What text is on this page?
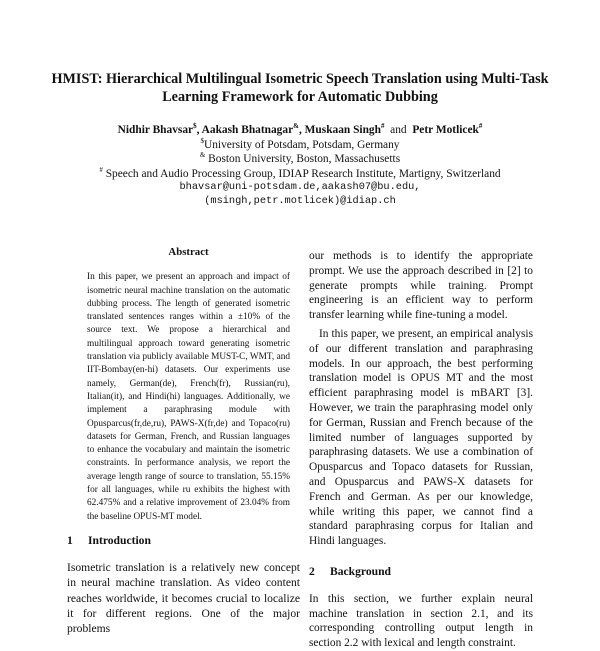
HMIST: Hierarchical Multilingual Isometric Speech Translation using Multi-Task Learning Framework for Automatic Dubbing
Nidhir Bhavsar$, Aakash Bhatnagar&, Muskaan Singh# and Petr Motlicek#
$University of Potsdam, Potsdam, Germany
& Boston University, Boston, Massachusetts
# Speech and Audio Processing Group, IDIAP Research Institute, Martigny, Switzerland
bhavsar@uni-potsdam.de,aakash07@bu.edu,
(msingh,petr.motlicek)@idiap.ch
Abstract

In this paper, we present an approach and impact of isometric neural machine translation on the automatic dubbing process. The length of generated isometric translated sentences ranges within a ±10% of the source text. We propose a hierarchical and multilingual approach toward generating isometric translation via publicly available MUST-C, WMT, and IIT-Bombay(en-hi) datasets. Our experiments use namely, German(de), French(fr), Russian(ru), Italian(it), and Hindi(hi) languages. Additionally, we implement a paraphrasing module with Opusparcus(fr,de,ru), PAWS-X(fr,de) and Topaco(ru) datasets for German, French, and Russian languages to enhance the vocabulary and maintain the isometric constraints. In performance analysis, we report the average length range of source to translation, 55.15% for all languages, while ru exhibits the highest with 62.475% and a relative improvement of 23.04% from the baseline OPUS-MT model.

1 Introduction

Isometric translation is a relatively new concept in neural machine translation. As video content reaches worldwide, it becomes crucial to localize it for different regions. One of the major problems

our methods is to identify the appropriate prompt. We use the approach described in [2] to generate prompts while training. Prompt engineering is an efficient way to perform transfer learning while fine-tuning a model.

In this paper, we present, an empirical analysis of our different translation and paraphrasing models. In our approach, the best performing translation model is OPUS MT and the most efficient paraphrasing model is mBART [3]. However, we train the paraphrasing model only for German, Russian and French because of the limited number of languages supported by paraphrasing datasets. We use a combination of Opusparcus and Topaco datasets for Russian, and Opusparcus and PAWS-X datasets for French and German. As per our knowledge, while writing this paper, we cannot find a standard paraphrasing corpus for Italian and Hindi languages.

2 Background

In this section, we further explain neural machine translation in section 2.1, and its corresponding controlling output length in section 2.2 with lexical and length constraint.
